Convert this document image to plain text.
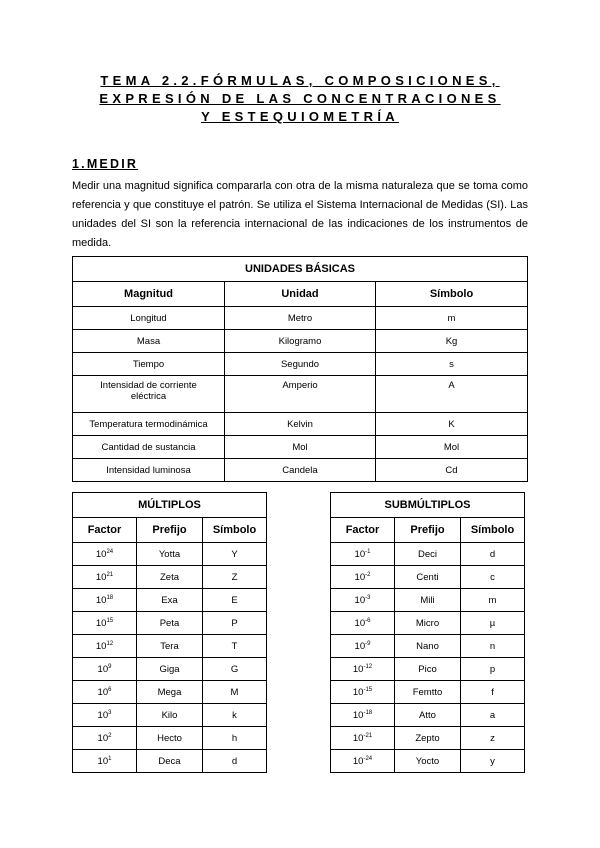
TEMA 2.2.FÓRMULAS, COMPOSICIONES,
EXPRESIÓN DE LAS CONCENTRACIONES
Y ESTEQUIOMETRÍA
1.MEDIR
Medir una magnitud significa compararla con otra de la misma naturaleza que se toma como referencia y que constituye el patrón. Se utiliza el Sistema Internacional de Medidas (SI). Las unidades del SI son la referencia internacional de las indicaciones de los instrumentos de medida.
UNIDADES BÁSICAS		
Magnitud	Unidad	Símbolo
Longitud	Metro	m
Masa	Kilogramo	Kg
Tiempo	Segundo	s
Intensidad de corriente eléctrica	Amperio	A
Temperatura termodinámica	Kelvin	K
Cantidad de sustancia	Mol	Mol
Intensidad luminosa	Candela	Cd
MÚLTIPLOS		
Factor	Prefijo	Símbolo
$10^{24}$	Yotta	Y
$10^{21}$	Zeta	Z
$10^{18}$	Exa	E
$10^{15}$	Peta	P
$10^{12}$	Tera	T
$10^9$	Giga	G
$10^6$	Mega	M
$10^3$	Kilo	k
$10^2$	Hecto	h
$10^1$	Deca	d
SUBMÚLTIPLOS		
Factor	Prefijo	Símbolo
$10^{-1}$	Deci	d
$10^{-2}$	Centi	c
$10^{-3}$	Mili	m
$10^{-6}$	Micro	µ
$10^{-9}$	Nano	n
$10^{-12}$	Pico	p
$10^{-15}$	Femtto	f
$10^{-18}$	Atto	a
$10^{-21}$	Zepto	z
$10^{-24}$	Yocto	y
